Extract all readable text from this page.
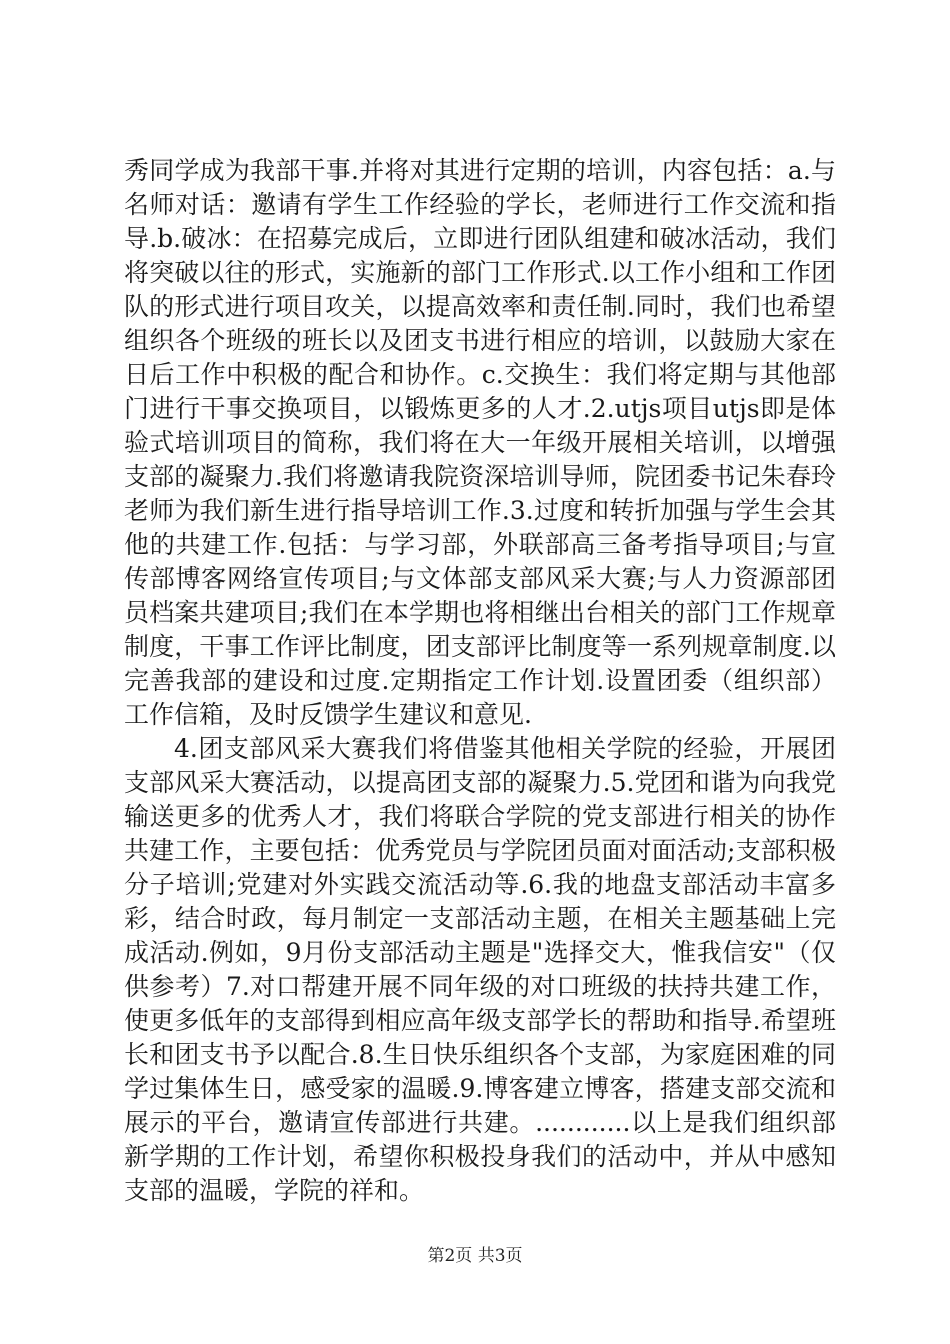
秀同学成为我部干事.并将对其进行定期的培训，内容包括：a.与名师对话：邀请有学生工作经验的学长，老师进行工作交流和指导.b.破冰：在招募完成后，立即进行团队组建和破冰活动，我们将突破以往的形式，实施新的部门工作形式.以工作小组和工作团队的形式进行项目攻关，以提高效率和责任制.同时，我们也希望组织各个班级的班长以及团支书进行相应的培训，以鼓励大家在日后工作中积极的配合和协作。c.交换生：我们将定期与其他部门进行干事交换项目，以锻炼更多的人才.2.utjs项目utjs即是体验式培训项目的简称，我们将在大一年级开展相关培训，以增强支部的凝聚力.我们将邀请我院资深培训导师，院团委书记朱春玲老师为我们新生进行指导培训工作.3.过度和转折加强与学生会其他的共建工作.包括：与学习部，外联部高三备考指导项目;与宣传部博客网络宣传项目;与文体部支部风采大赛;与人力资源部团员档案共建项目;我们在本学期也将相继出台相关的部门工作规章制度，干事工作评比制度，团支部评比制度等一系列规章制度.以完善我部的建设和过度.定期指定工作计划.设置团委（组织部）工作信箱，及时反馈学生建议和意见.

4.团支部风采大赛我们将借鉴其他相关学院的经验，开展团支部风采大赛活动，以提高团支部的凝聚力.5.党团和谐为向我党输送更多的优秀人才，我们将联合学院的党支部进行相关的协作共建工作，主要包括：优秀党员与学院团员面对面活动;支部积极分子培训;党建对外实践交流活动等.6.我的地盘支部活动丰富多彩，结合时政，每月制定一支部活动主题，在相关主题基础上完成活动.例如，9月份支部活动主题是"选择交大，惟我信安"（仅供参考）7.对口帮建开展不同年级的对口班级的扶持共建工作，使更多低年的支部得到相应高年级支部学长的帮助和指导.希望班长和团支书予以配合.8.生日快乐组织各个支部，为家庭困难的同学过集体生日，感受家的温暖.9.博客建立博客，搭建支部交流和展示的平台，邀请宣传部进行共建。............以上是我们组织部新学期的工作计划，希望你积极投身我们的活动中，并从中感知支部的温暖，学院的祥和。

第2页 共3页
